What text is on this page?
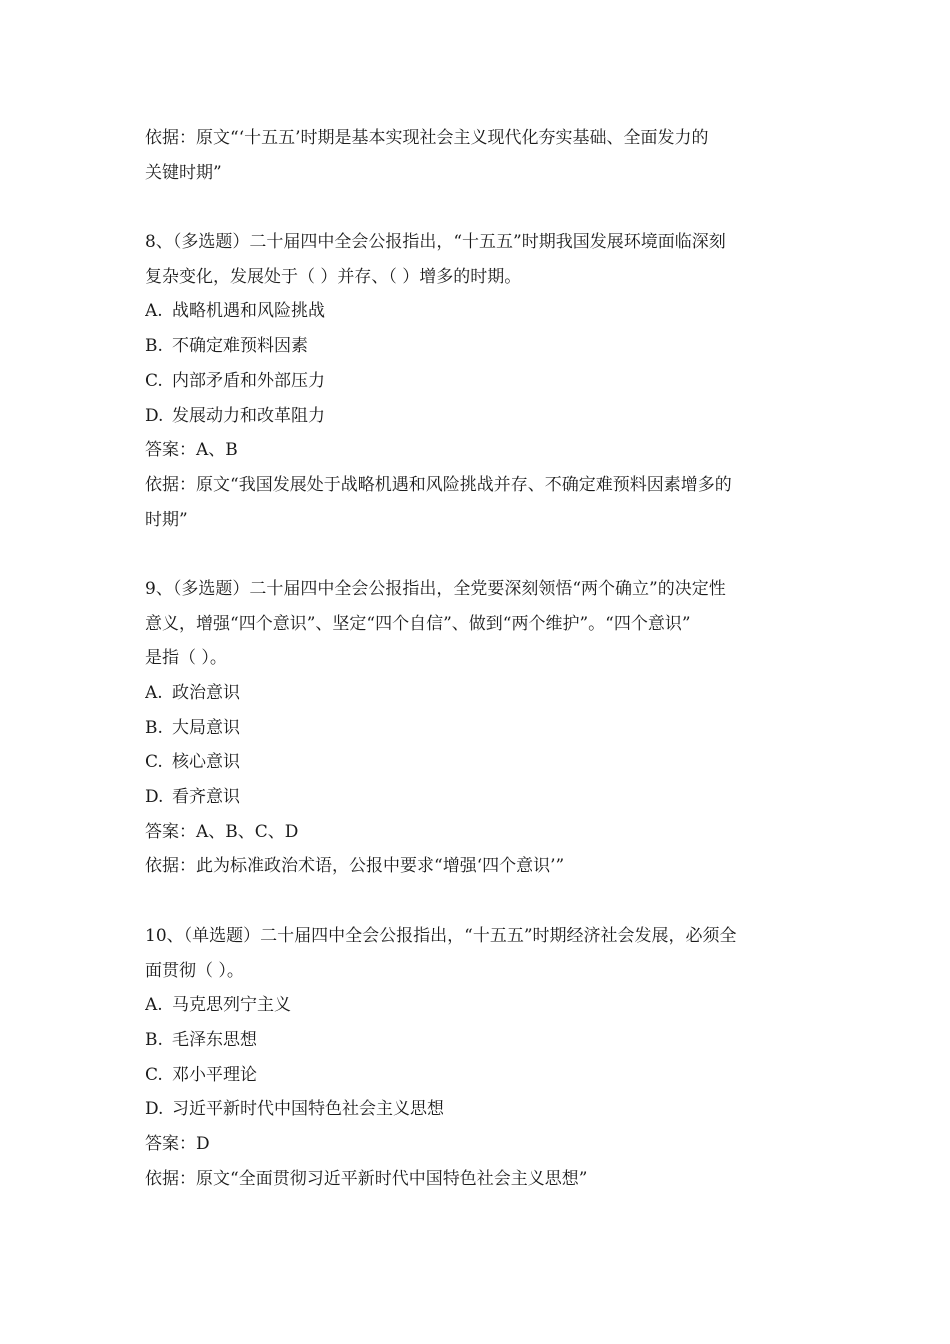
依据：原文“‘十五五’时期是基本实现社会主义现代化夯实基础、全面发力的
关键时期”
8、（多选题）二十届四中全会公报指出，“十五五”时期我国发展环境面临深刻
复杂变化，发展处于（ ）并存、（ ）增多的时期。
A. 战略机遇和风险挑战
B. 不确定难预料因素
C. 内部矛盾和外部压力
D. 发展动力和改革阻力
答案：A、B
依据：原文“我国发展处于战略机遇和风险挑战并存、不确定难预料因素增多的
时期”
9、（多选题）二十届四中全会公报指出，全党要深刻领悟“两个确立”的决定性
意义，增强“四个意识”、坚定“四个自信”、做到“两个维护”。“四个意识”
是指（ ）。
A. 政治意识
B. 大局意识
C. 核心意识
D. 看齐意识
答案：A、B、C、D
依据：此为标准政治术语，公报中要求“增强‘四个意识’”
10、（单选题）二十届四中全会公报指出，“十五五”时期经济社会发展，必须全
面贯彻（ ）。
A. 马克思列宁主义
B. 毛泽东思想
C. 邓小平理论
D. 习近平新时代中国特色社会主义思想
答案：D
依据：原文“全面贯彻习近平新时代中国特色社会主义思想”
